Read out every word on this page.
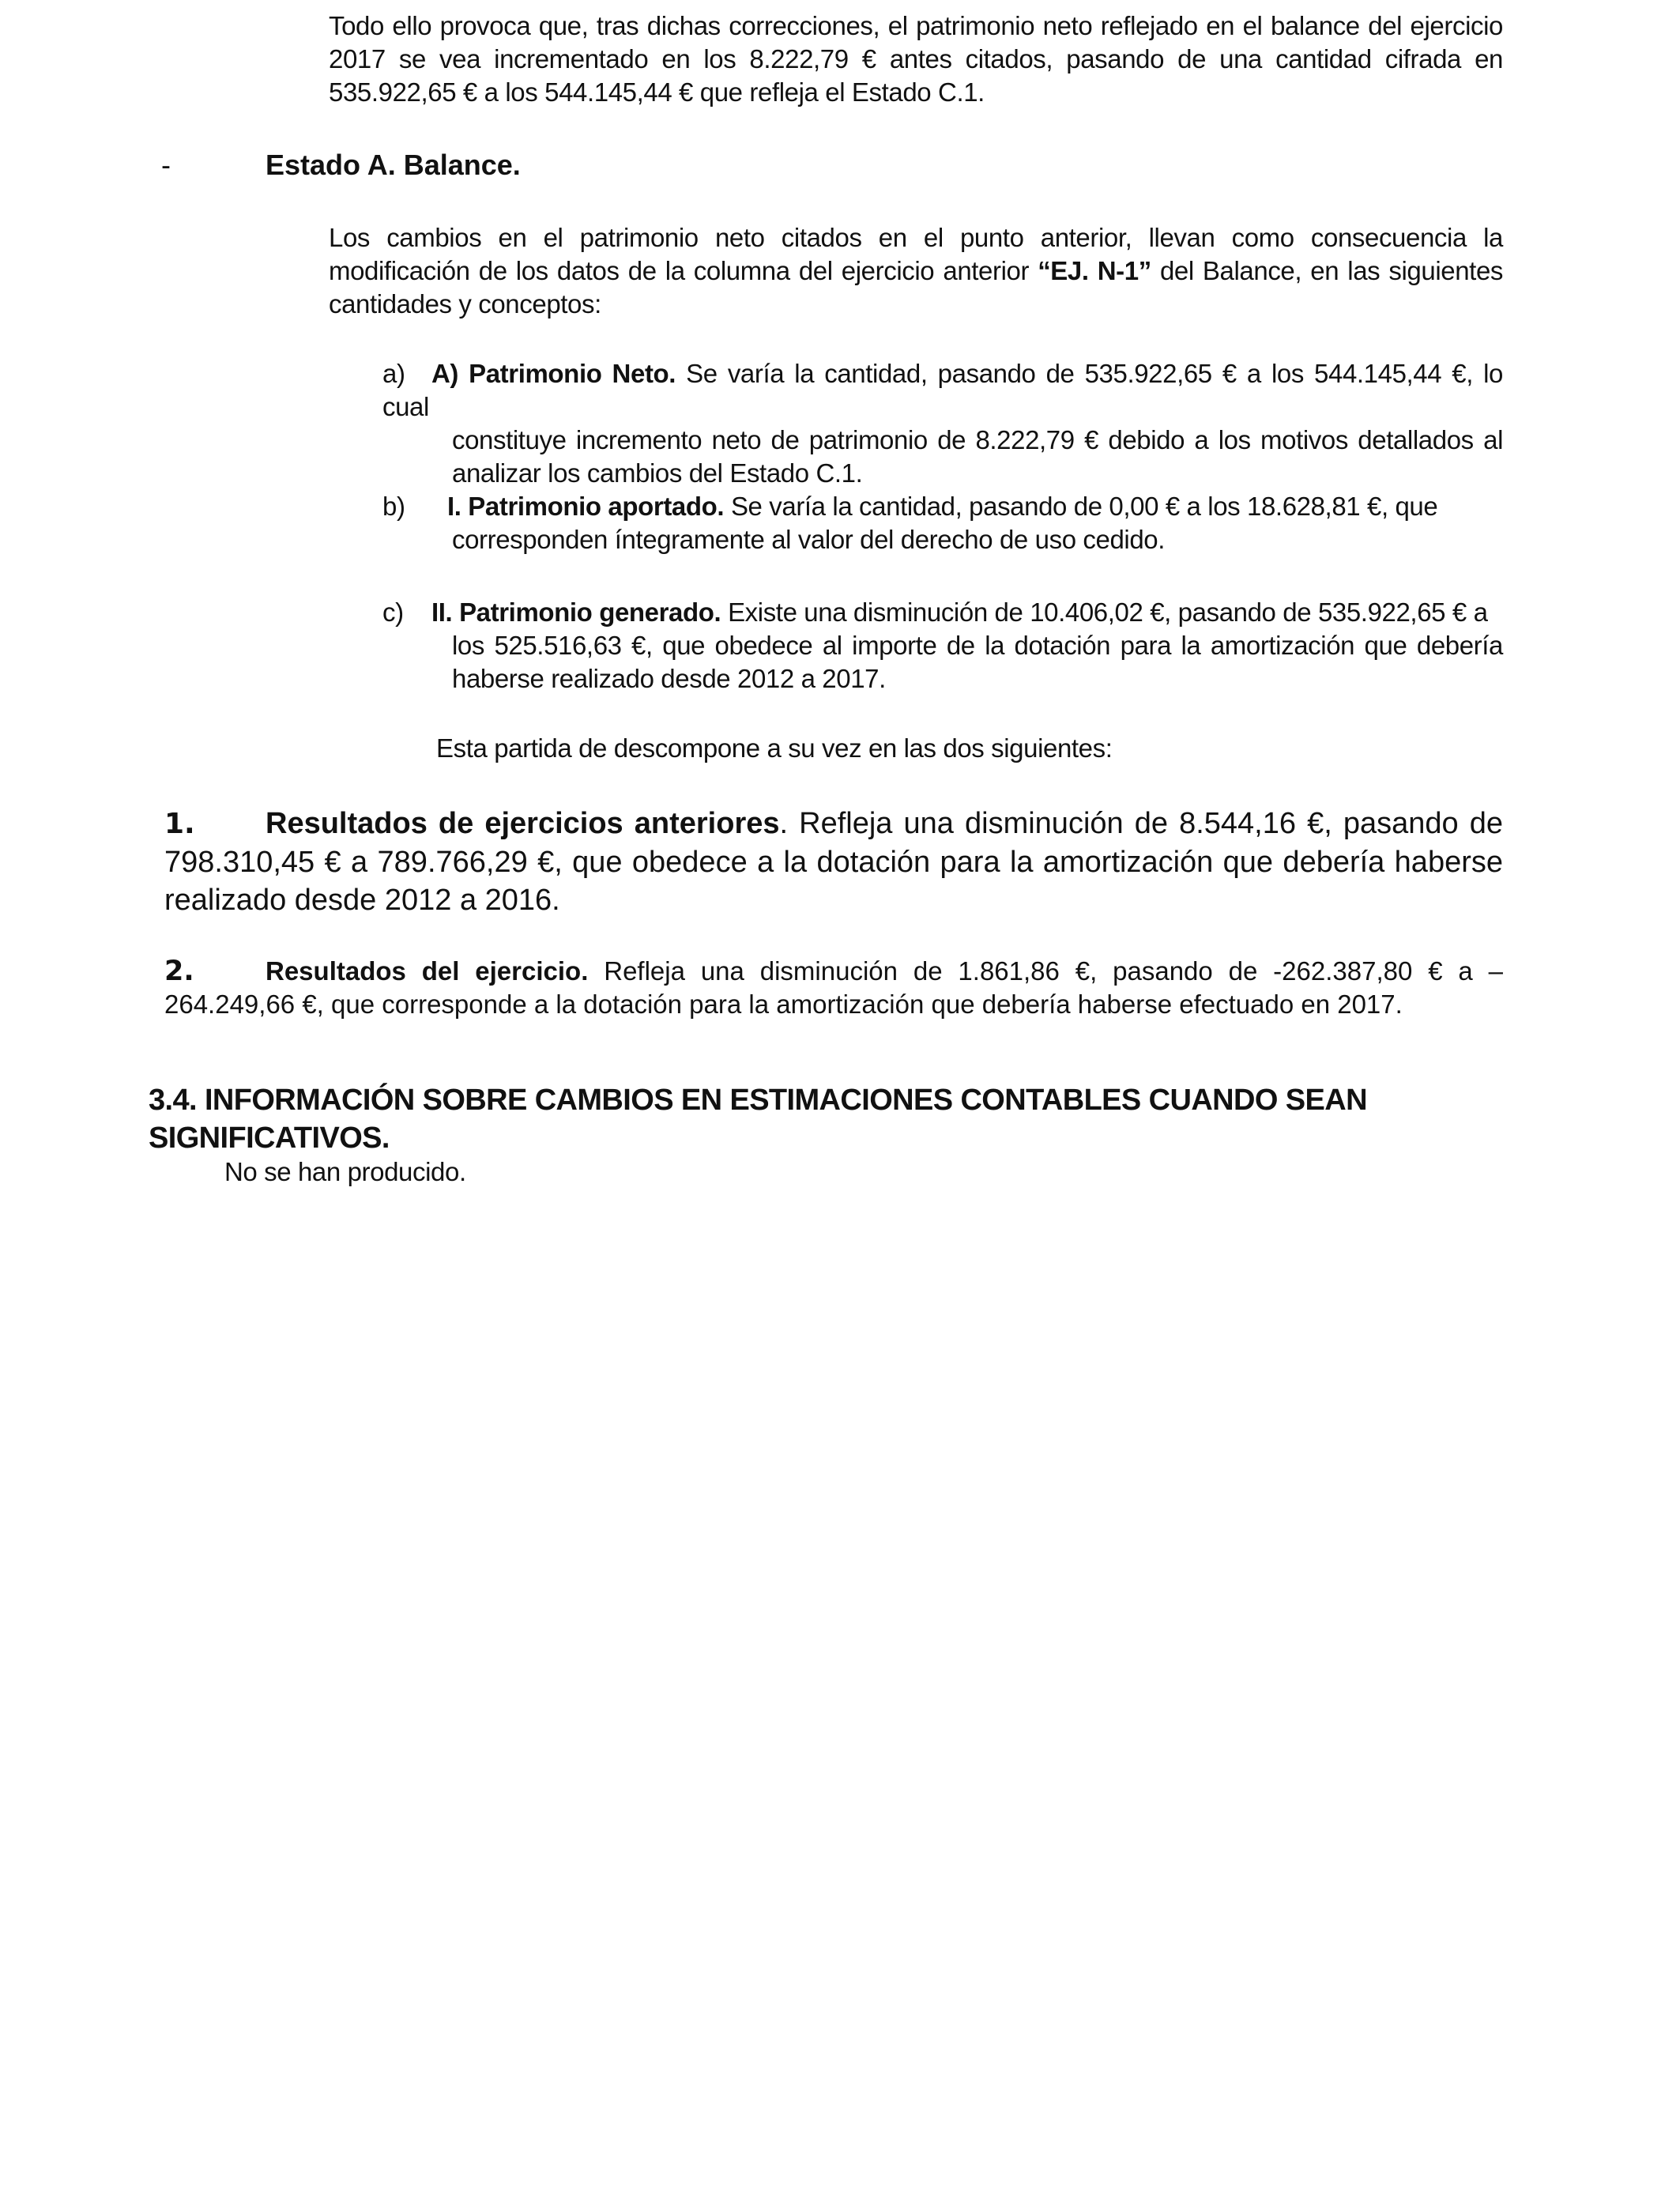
Todo ello provoca que, tras dichas correcciones, el patrimonio neto reflejado en el balance del ejercicio 2017 se vea incrementado en los 8.222,79 € antes citados, pasando de una cantidad cifrada en 535.922,65 € a los 544.145,44 € que refleja el Estado C.1.

-	Estado A. Balance.

Los cambios en el patrimonio neto citados en el punto anterior, llevan como consecuencia la modificación de los datos de la columna del ejercicio anterior “EJ. N-1” del Balance, en las siguientes cantidades y conceptos:

a) A) Patrimonio Neto. Se varía la cantidad, pasando de 535.922,65 € a los 544.145,44 €, lo cual
constituye incremento neto de patrimonio de 8.222,79 € debido a los motivos detallados al analizar los cambios del Estado C.1.
b) I. Patrimonio aportado. Se varía la cantidad, pasando de 0,00 € a los 18.628,81 €, que
corresponden íntegramente al valor del derecho de uso cedido.
c) II. Patrimonio generado. Existe una disminución de 10.406,02 €, pasando de 535.922,65 € a
los 525.516,63 €, que obedece al importe de la dotación para la amortización que debería haberse realizado desde 2012 a 2017.

Esta partida de descompone a su vez en las dos siguientes:

1. Resultados de ejercicios anteriores. Refleja una disminución de 8.544,16 €, pasando de 798.310,45 € a 789.766,29 €, que obedece a la dotación para la amortización que debería haberse realizado desde 2012 a 2016.

2.	Resultados del ejercicio. Refleja una disminución de 1.861,86 €, pasando de -262.387,80 € a –264.249,66 €, que corresponde a la dotación para la amortización que debería haberse efectuado en 2017.

3.4. INFORMACIÓN SOBRE CAMBIOS EN ESTIMACIONES CONTABLES CUANDO SEAN SIGNIFICATIVOS.

No se han producido.
